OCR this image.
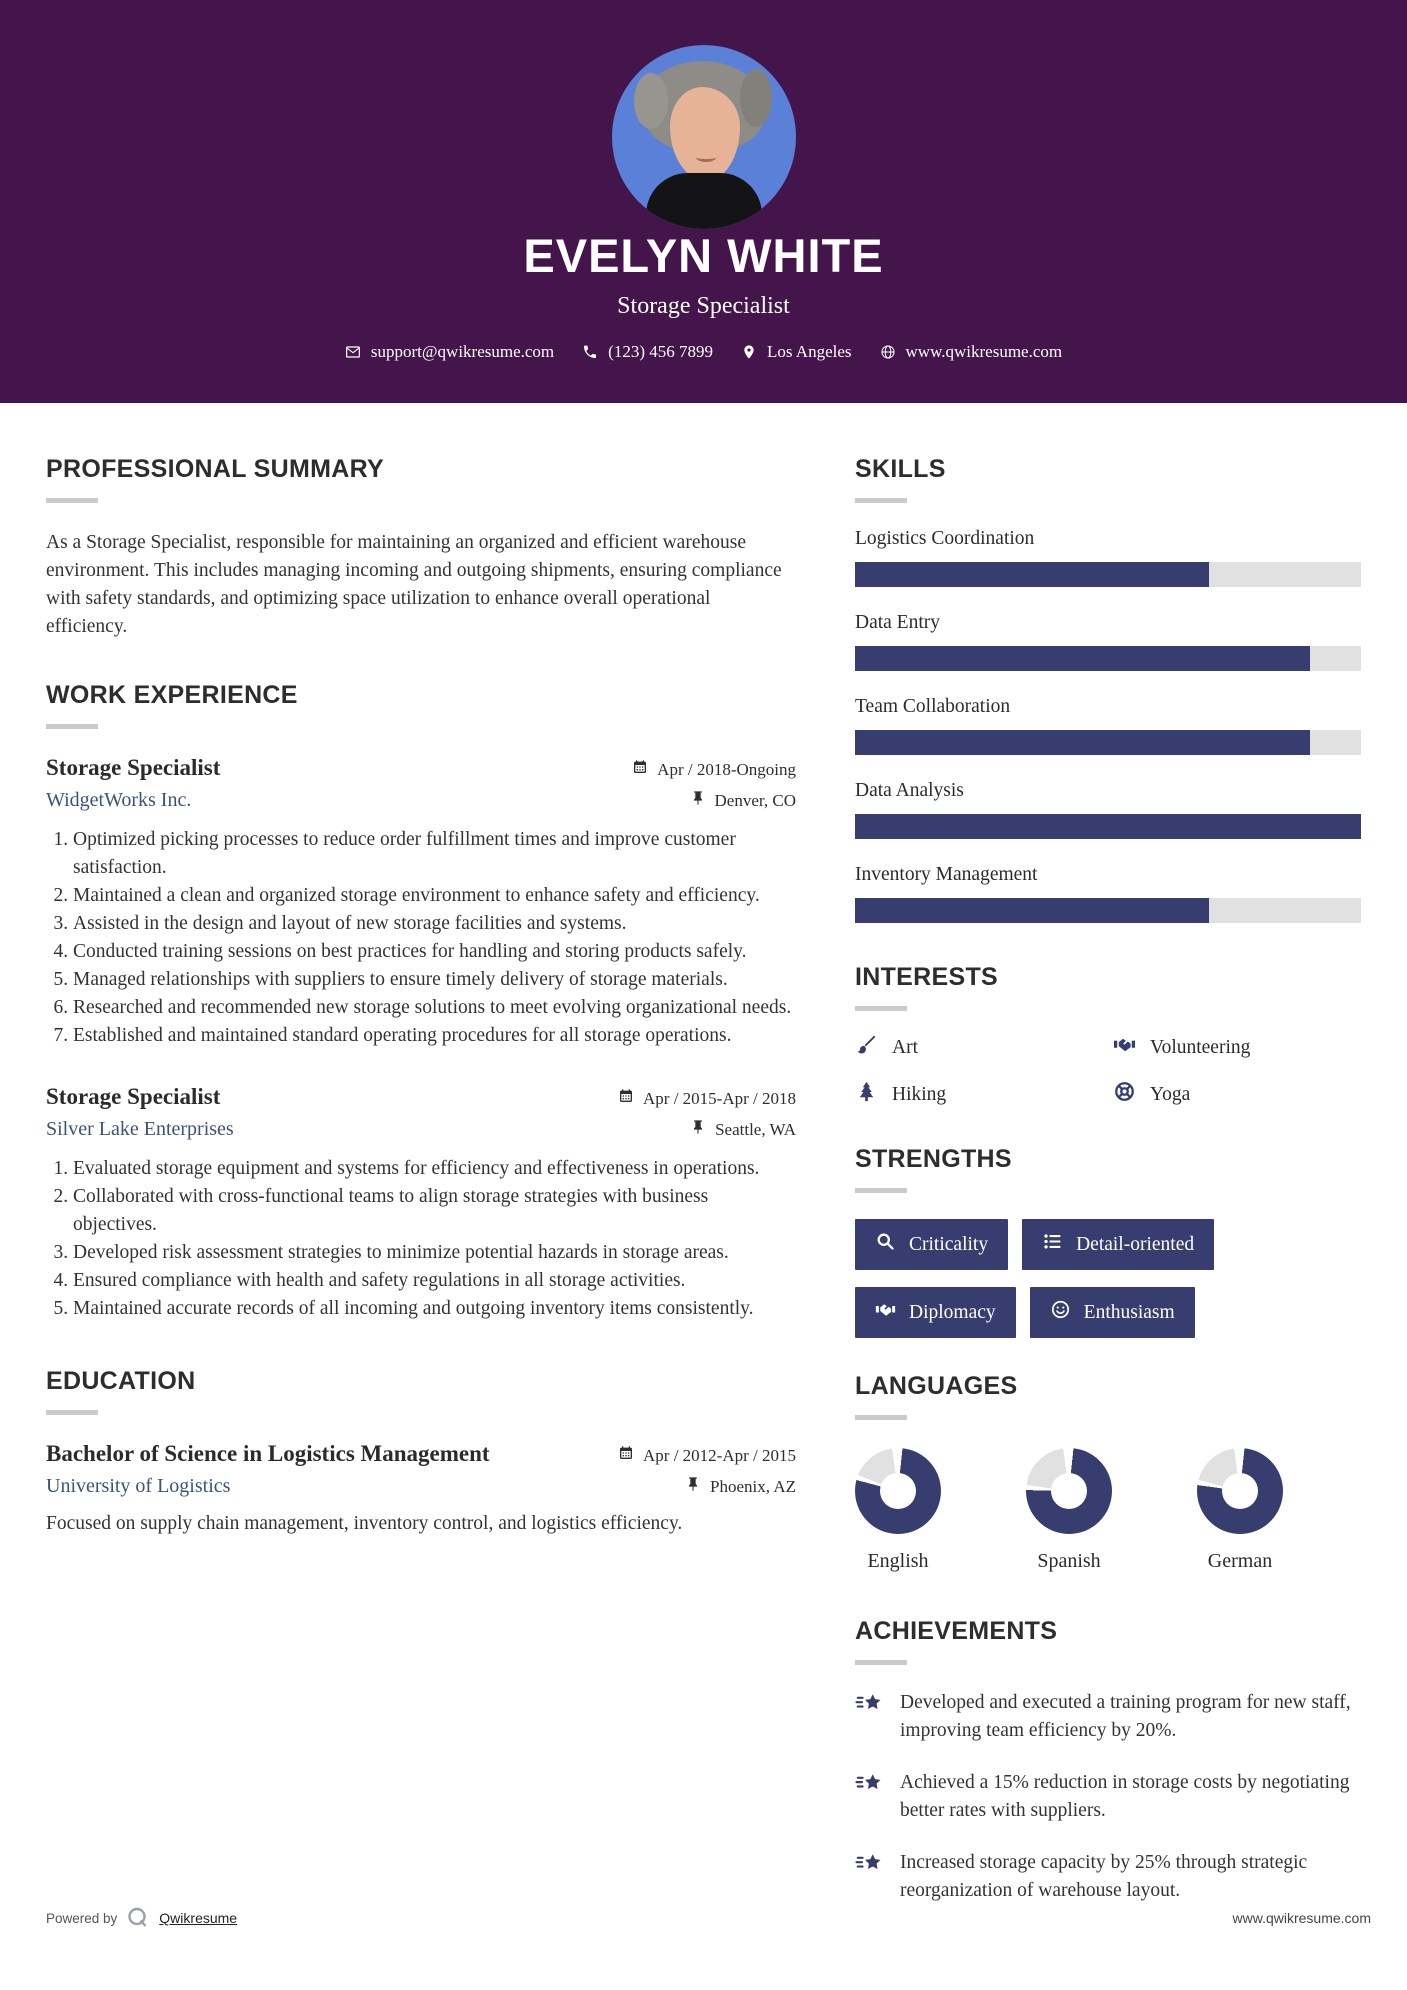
EVELYN WHITE
Storage Specialist
support@qwikresume.com	(123) 456 7899	Los Angeles	www.qwikresume.com
PROFESSIONAL SUMMARY

As a Storage Specialist, responsible for maintaining an organized and efficient warehouse environment. This includes managing incoming and outgoing shipments, ensuring compliance with safety standards, and optimizing space utilization to enhance overall operational efficiency.

WORK EXPERIENCE
Storage Specialist	Apr / 2018-Ongoing
WidgetWorks Inc.	Denver, CO
1. Optimized picking processes to reduce order fulfillment times and improve customer satisfaction.
2. Maintained a clean and organized storage environment to enhance safety and efficiency.
3. Assisted in the design and layout of new storage facilities and systems.
4. Conducted training sessions on best practices for handling and storing products safely.
5. Managed relationships with suppliers to ensure timely delivery of storage materials.
6. Researched and recommended new storage solutions to meet evolving organizational needs.
7. Established and maintained standard operating procedures for all storage operations.
Storage Specialist	Apr / 2015-Apr / 2018
Silver Lake Enterprises	Seattle, WA
1. Evaluated storage equipment and systems for efficiency and effectiveness in operations.
2. Collaborated with cross-functional teams to align storage strategies with business objectives.
3. Developed risk assessment strategies to minimize potential hazards in storage areas.
4. Ensured compliance with health and safety regulations in all storage activities.
5. Maintained accurate records of all incoming and outgoing inventory items consistently.
EDUCATION
Bachelor of Science in Logistics Management	Apr / 2012-Apr / 2015
University of Logistics	Phoenix, AZ

Focused on supply chain management, inventory control, and logistics efficiency.

SKILLS
Logistics Coordination
Data Entry
Team Collaboration
Data Analysis
Inventory Management
INTERESTS
Art	Volunteering
Hiking	Yoga
STRENGTHS
Criticality	Detail-oriented
Diplomacy	Enthusiasm
LANGUAGES
English	Spanish	German
ACHIEVEMENTS
Developed and executed a training program for new staff, improving team efficiency by 20%.
Achieved a 15% reduction in storage costs by negotiating better rates with suppliers.
Increased storage capacity by 25% through strategic reorganization of warehouse layout.
Powered by	Qwikresume	www.qwikresume.com
